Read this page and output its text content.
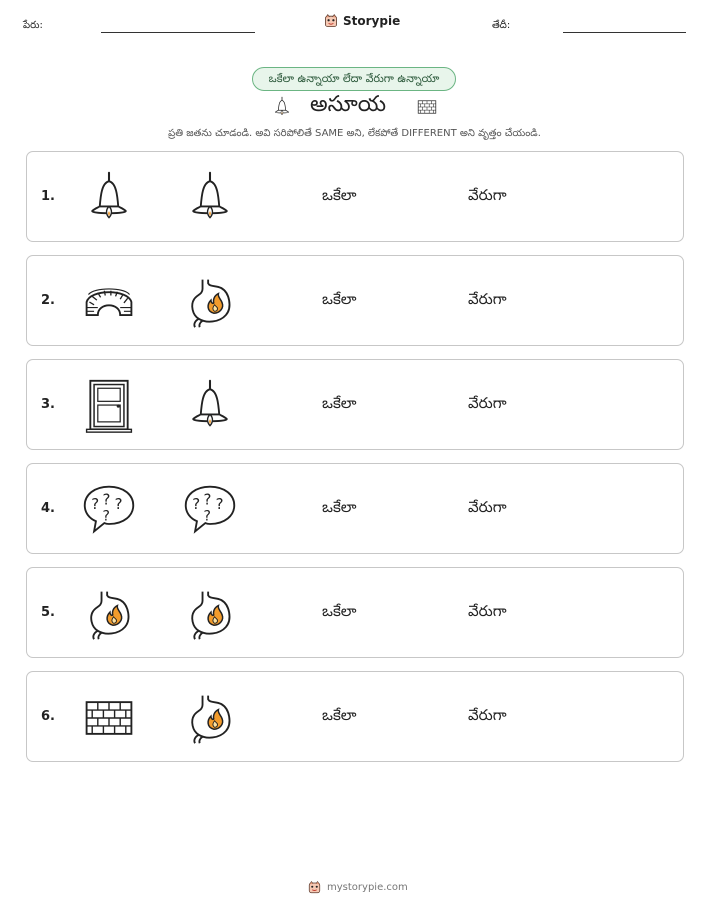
పేరు:	Storypie	తేదీ:
ఒకేలా ఉన్నాయా లేదా వేరుగా ఉన్నాయా
అసూయ
ప్రతి జతను చూడండి. అవి సరిపోలితే SAME అని, లేకపోతే DIFFERENT అని వృత్తం చేయండి.
1.	ఒకేలా	వేరుగా
2.	ఒకేలా	వేరుగా
3.	ఒకేలా	వేరుగా
4.	ఒకేలా	వేరుగా
5.	ఒకేలా	వేరుగా
6.	ఒకేలా	వేరుగా
mystorypie.com
